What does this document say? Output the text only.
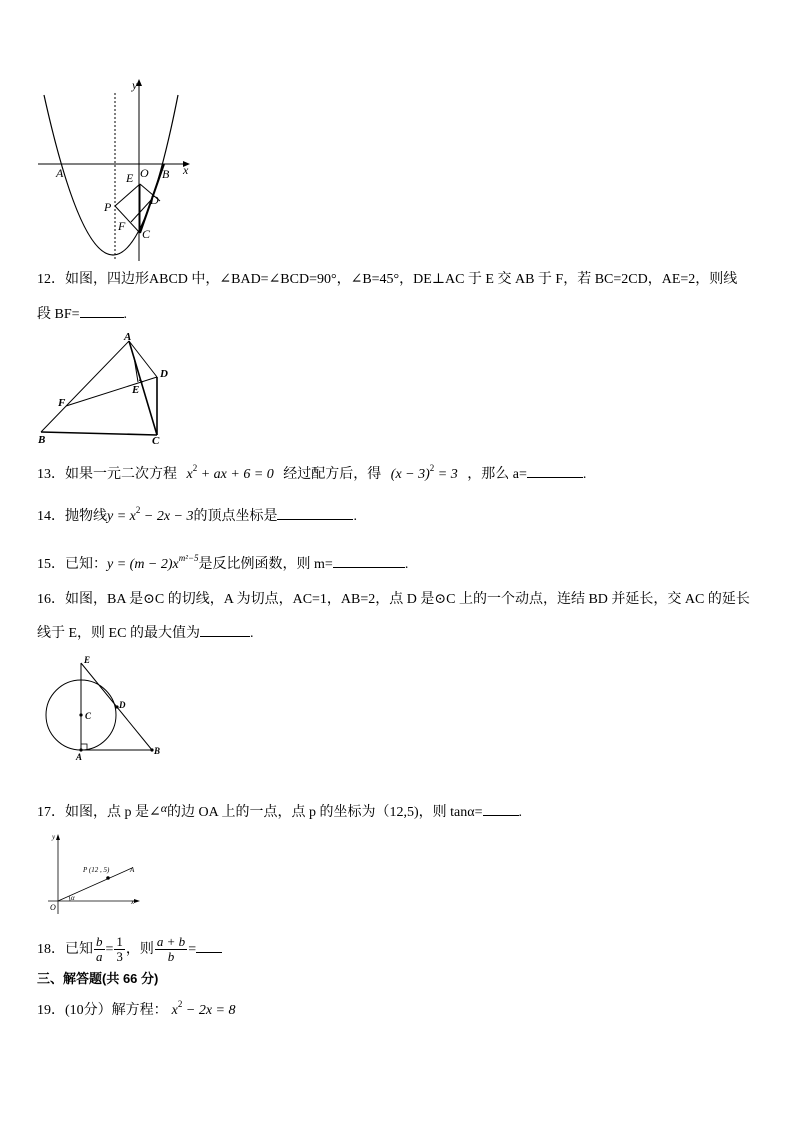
y
x
A	O B
E
D
P
F
C
12．如图，四边形ABCD 中，∠BAD=∠BCD=90°，∠B=45°，DE⊥AC 于 E 交 AB 于 F，若 BC=2CD，AE=2，则线
段 BF=	.
A
D
E
F
B	C
13．如果一元二次方程 $x^2$ + ax + 6 = 0 经过配方后，得 $(x - 3)^2 = 3$ ，那么 a=	.
14．抛物线$y = x^2 - 2x - 3$的顶点坐标是	.
15．已知：$y = (m - 2)x^{m^2-5}$是反比例函数，则 m=	.
16．如图，BA 是⊙C 的切线，A 为切点，AC=1，AB=2，点 D 是⊙C 上的一个动点，连结 BD 并延长，交 AC 的延长
线于 E，则 EC 的最大值为	.
E
C
D
A
B
17．如图，点 p 是∠α的边 OA 上的一点，点 p 的坐标为（12,5)，则 tanα=	.
y
x
O
P (12 , 5)	A
α
18．已知 $\frac{b}{a} = \frac{1}{3}$ ，则 $\frac{a + b}{b}$ =
三、解答题(共 66 分)
19．(10分）解方程： $x^2 - 2x = 8$
